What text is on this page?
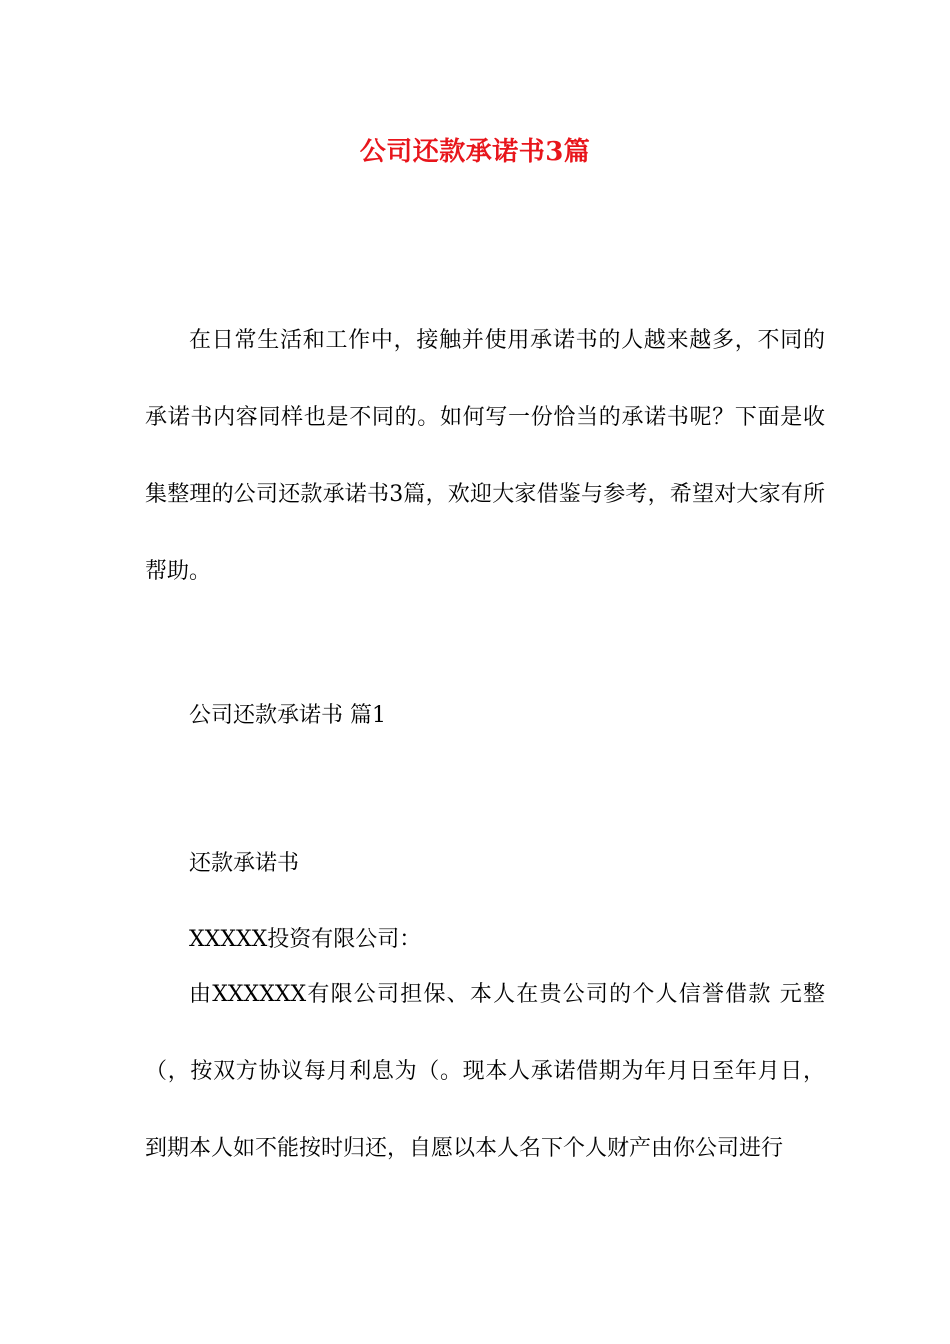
公司还款承诺书3篇

在日常生活和工作中，接触并使用承诺书的人越来越多，不同的承诺书内容同样也是不同的。如何写一份恰当的承诺书呢？下面是收集整理的公司还款承诺书3篇，欢迎大家借鉴与参考，希望对大家有所帮助。

公司还款承诺书 篇1

还款承诺书

XXXXX投资有限公司：

由XXXXXX有限公司担保、本人在贵公司的个人信誉借款 元整（，按双方协议每月利息为（。现本人承诺借期为年月日至年月日，到期本人如不能按时归还，自愿以本人名下个人财产由你公司进行
